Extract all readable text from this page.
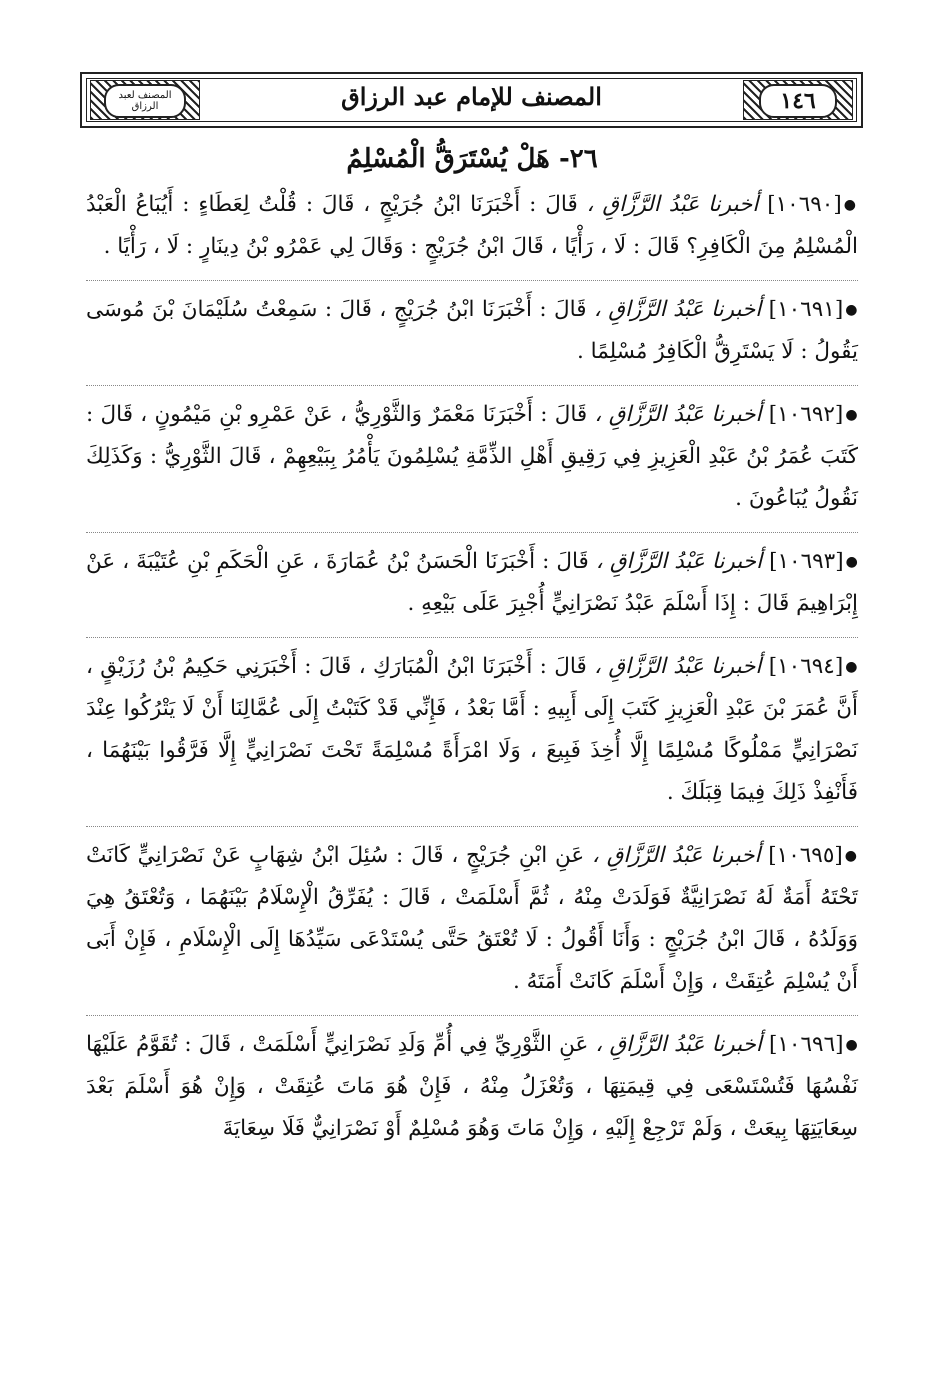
المصنف لعبد الرزاق	المصنف للإمام عبد الرزاق	١٤٦
٢٦- هَلْ يُسْتَرَقُّ الْمُسْلِمُ

●[١٠٦٩٠] أخبرنا عَبْدُ الرَّزَّاقِ ، قَالَ : أَخْبَرَنَا ابْنُ جُرَيْجٍ ، قَالَ : قُلْتُ لِعَطَاءٍ : أَيُبَاعُ الْعَبْدُ الْمُسْلِمُ مِنَ الْكَافِرِ؟ قَالَ : لَا ، رَأْيًا ، قَالَ ابْنُ جُرَيْجٍ : وَقَالَ لِي عَمْرُو بْنُ دِينَارٍ : لَا ، رَأْيًا .

●[١٠٦٩١] أخبرنا عَبْدُ الرَّزَّاقِ ، قَالَ : أَخْبَرَنَا ابْنُ جُرَيْجٍ ، قَالَ : سَمِعْتُ سُلَيْمَانَ بْنَ مُوسَى يَقُولُ : لَا يَسْتَرِقُّ الْكَافِرُ مُسْلِمًا .

●[١٠٦٩٢] أخبرنا عَبْدُ الرَّزَّاقِ ، قَالَ : أَخْبَرَنَا مَعْمَرٌ وَالثَّوْرِيُّ ، عَنْ عَمْرِو بْنِ مَيْمُونٍ ، قَالَ : كَتَبَ عُمَرُ بْنُ عَبْدِ الْعَزِيزِ فِي رَقِيقِ أَهْلِ الذِّمَّةِ يُسْلِمُونَ يَأْمُرُ بِبَيْعِهِمْ ، قَالَ الثَّوْرِيُّ : وَكَذَلِكَ نَقُولُ يُبَاعُونَ .

●[١٠٦٩٣] أخبرنا عَبْدُ الرَّزَّاقِ ، قَالَ : أَخْبَرَنَا الْحَسَنُ بْنُ عُمَارَةَ ، عَنِ الْحَكَمِ بْنِ عُتَيْبَةَ ، عَنْ إِبْرَاهِيمَ قَالَ : إِذَا أَسْلَمَ عَبْدُ نَصْرَانِيٍّ أُجْبِرَ عَلَى بَيْعِهِ .

●[١٠٦٩٤] أخبرنا عَبْدُ الرَّزَّاقِ ، قَالَ : أَخْبَرَنَا ابْنُ الْمُبَارَكِ ، قَالَ : أَخْبَرَنِي حَكِيمُ بْنُ رُزَيْقٍ ، أَنَّ عُمَرَ بْنَ عَبْدِ الْعَزِيزِ كَتَبَ إِلَى أَبِيهِ : أَمَّا بَعْدُ ، فَإِنِّي قَدْ كَتَبْتُ إِلَى عُمَّالِنَا أَنْ لَا يَتْرُكُوا عِنْدَ نَصْرَانِيٍّ مَمْلُوكًا مُسْلِمًا إِلَّا أُخِذَ فَبِيعَ ، وَلَا امْرَأَةً مُسْلِمَةً تَحْتَ نَصْرَانِيٍّ إِلَّا فَرَّقُوا بَيْنَهُمَا ، فَأَنْفِذْ ذَلِكَ فِيمَا قِبَلَكَ .

●[١٠٦٩٥] أخبرنا عَبْدُ الرَّزَّاقِ ، عَنِ ابْنِ جُرَيْجٍ ، قَالَ : سُئِلَ ابْنُ شِهَابٍ عَنْ نَصْرَانِيٍّ كَانَتْ تَحْتَهُ أَمَةٌ لَهُ نَصْرَانِيَّةٌ فَوَلَدَتْ مِنْهُ ، ثُمَّ أَسْلَمَتْ ، قَالَ : يُفَرِّقُ الْإِسْلَامُ بَيْنَهُمَا ، وَتُعْتَقُ هِيَ وَوَلَدُهُ ، قَالَ ابْنُ جُرَيْجٍ : وَأَنَا أَقُولُ : لَا تُعْتَقُ حَتَّى يُسْتَدْعَى سَيِّدُهَا إِلَى الْإِسْلَامِ ، فَإِنْ أَبَى أَنْ يُسْلِمَ عُتِقَتْ ، وَإِنْ أَسْلَمَ كَانَتْ أَمَتَهُ .

●[١٠٦٩٦] أخبرنا عَبْدُ الرَّزَّاقِ ، عَنِ الثَّوْرِيِّ فِي أُمِّ وَلَدِ نَصْرَانِيٍّ أَسْلَمَتْ ، قَالَ : تُقَوَّمُ عَلَيْهَا نَفْسُهَا فَتُسْتَسْعَى فِي قِيمَتِهَا ، وَتُعْزَلُ مِنْهُ ، فَإِنْ هُوَ مَاتَ عُتِقَتْ ، وَإِنْ هُوَ أَسْلَمَ بَعْدَ سِعَايَتِهَا بِيعَتْ ، وَلَمْ تَرْجِعْ إِلَيْهِ ، وَإِنْ مَاتَ وَهُوَ مُسْلِمٌ أَوْ نَصْرَانِيٌّ فَلَا سِعَايَةَ
